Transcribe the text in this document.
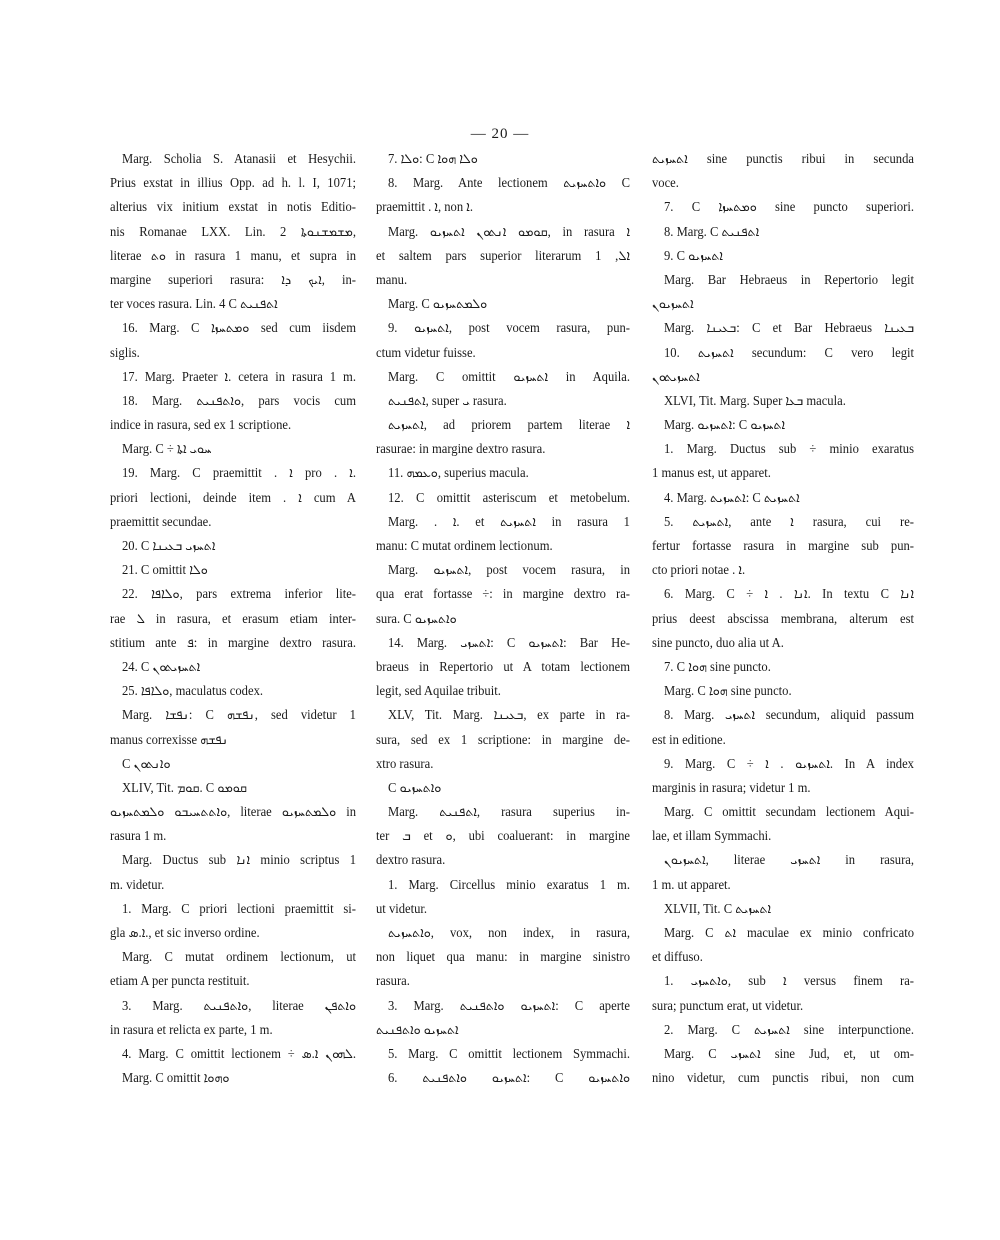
— 20 —
Marg. Scholia S. Atanasii et Hesychii.
Prius exstat in illius Opp. ad h. l. I, 1071;
alterius vix initium exstat in notis Editio-
nis Romanae LXX. Lin. 2 ܡܫܡܫܢܘܬܐ,
literae ܘܬ in rasura 1 manu, et supra in
margine superiori rasura: ܐܝܟ ܕܐ, in-
ter voces rasura. Lin. 4 C ܐܬܦܢܝܬ
16. Marg. C ܘܡܬܚܙܐ sed cum iisdem
siglis.
17. Marg. Praeter ܐ. cetera in rasura 1 m.
18. Marg. ܘܐܬܦܢܝܬ, pars vocis cum
indice in rasura, sed ex 1 scriptione.
Marg. C ÷ ܚܘܝ ܐܬܐ
19. Marg. C praemittit . ܐ pro . ܐ.
priori lectioni, deinde item . ܐ cum A
praemittit secundae.
20. C ܐܬܚܙܝ ܒܥܝܢܐ
21. C omittit ܘܠܐ
22. ܘܠܐܦܐ, pars extrema inferior lite-
rae ܠ in rasura, et erasum etiam inter-
stitium ante ܦ: in margine dextro rasura.
24. C ܐܬܚܙܝܬܘܢ
25. ܘܠܐܦܐ, maculatus codex.
Marg. ܢܦܫܐ: C ܢܦܫܗ, sed videtur 1
manus correxisse ܢܦܫܗ
C ܘܐܢܬܘܢ
XLIV, Tit. ܩܘܡ. C ܩܘܡܘ
ܘܐܬܬܚܝܒܘ ܘܠܡܬܚܙܝܘ, literae ܘܠܡܬܚܙܝܘ in
rasura 1 m.
Marg. Ductus sub ܐܢܐ minio scriptus 1
m. videtur.
1. Marg. C priori lectioni praemittit si-
gla ܐ.ܣ., et sic inverso ordine.
Marg. C mutat ordinem lectionum, ut
etiam A per puncta restituit.
3. Marg. ܘܐܬܦܢܝܬ, literae ܘܐܬܦܢ
in rasura et relicta ex parte, 1 m.
4. Marg. C omittit lectionem ÷ ܠܗܘܢ ܐ.ܣ.
Marg. C omittit ܘܗܘܐ
7. ܘܠܐ: C ܘܠܐ ܗܘܐ
8. Marg. Ante lectionem ܘܐܬܚܙܝܬ C
praemittit . ܐ, non ܐ.
Marg. ܩܘܡܘ ܐܢܬܘܢ ܐܬܚܙܝܘ, in rasura ܐ
et saltem pars superior literarum ܐܠ, 1
manu.
Marg. C ܘܠܡܬܚܙܝܘ
9. ܐܬܚܙܝܘ, post vocem rasura, pun-
ctum videtur fuisse.
Marg. C omittit ܐܬܚܙܝܘ in Aquila.
ܐܬܦܢܝܬ, super ܝ rasura.
ܐܬܚܙܝܬ, ad priorem partem literae ܐ
rasurae: in margine dextro rasura.
11. ܘܥܡܗ, superius macula.
12. C omittit asteriscum et metobelum.
Marg. . ܐ. et ܐܬܚܙܝܬ in rasura 1
manu: C mutat ordinem lectionum.
Marg. ܐܬܚܙܝܘ, post vocem rasura, in
qua erat fortasse ÷: in margine dextro ra-
sura. C ܘܐܬܚܙܝܘ
14. Marg. ܐܬܚܙܝ: C ܐܬܚܙܝܘ: Bar He-
braeus in Repertorio ut A totam lectionem
legit, sed Aquilae tribuit.
XLV, Tit. Marg. ܒܥܝܢܐ, ex parte in ra-
sura, sed ex 1 scriptione: in margine de-
xtro rasura.
C ܘܐܬܚܙܝܘ
Marg. ܐܬܦܢܝܬ, rasura superius in-
ter ܒ et ܘ, ubi coaluerant: in margine
dextro rasura.
1. Marg. Circellus minio exaratus 1 m.
ut videtur.
ܘܐܬܚܙܝܬ, vox, non index, in rasura,
non liquet qua manu: in margine sinistro
rasura.
3. Marg. ܐܬܚܙܝܘ ܘܐܬܦܢܝܬ: C aperte
ܐܬܚܙܝܘ ܘܐܬܦܢܝܬ
5. Marg. C omittit lectionem Symmachi.
6. ܐܬܚܙܝܘ ܘܐܬܦܢܝܬ: C ܘܐܬܚܙܝܘ
ܐܬܚܙܝܬ sine punctis ribui in secunda
voce.
7. C ܘܡܬܚܙܐ sine puncto superiori.
8. Marg. C ܐܬܦܢܝܬ
9. C ܐܬܚܙܝܘ
Marg. Bar Hebraeus in Repertorio legit
ܐܬܚܙܝܘܢ
Marg. ܒܥܝܢܐ: C et Bar Hebraeus ܒܥܝܢܐ
10. ܐܬܚܙܝܬ secundum: C vero legit
ܐܬܚܙܝܬܘܢ
XLVI, Tit. Marg. Super ܒܥܐ macula.
Marg. ܐܬܚܙܝܘ: C ܐܬܚܙܝܘ
1. Marg. Ductus sub ÷ minio exaratus
1 manus est, ut apparet.
4. Marg. ܐܬܚܙܝܬ: C ܐܬܚܙܝܬ
5. ܐܬܚܙܝܬ, ante ܐ rasura, cui re-
fertur fortasse rasura in margine sub pun-
cto priori notae . ܐ.
6. Marg. C ÷ ܐܢܐ . ܐ. In textu C ܐܢܐ
prius deest abscissa membrana, alterum est
sine puncto, duo alia ut A.
7. C ܗܘܐ sine puncto.
Marg. C ܗܘܐ sine puncto.
8. Marg. ܐܬܚܙܝ secundum, aliquid passum
est in editione.
9. Marg. C ÷ ܐܬܚܙܝܘ . ܐ. In A index
marginis in rasura; videtur 1 m.
Marg. C omittit secundam lectionem Aqui-
lae, et illam Symmachi.
ܐܬܚܙܝܘܢ, literae ܐܬܚܙܝ in rasura,
1 m. ut apparet.
XLVII, Tit. C ܐܬܚܙܝܬ
Marg. C ܐܬ maculae ex minio confricato
et diffuso.
1. ܘܐܬܚܙܝ, sub ܐ versus finem ra-
sura; punctum erat, ut videtur.
2. Marg. C ܐܬܚܙܝܬ sine interpunctione.
Marg. C ܐܬܚܙܝ sine Jud, et, ut om-
nino videtur, cum punctis ribui, non cum
